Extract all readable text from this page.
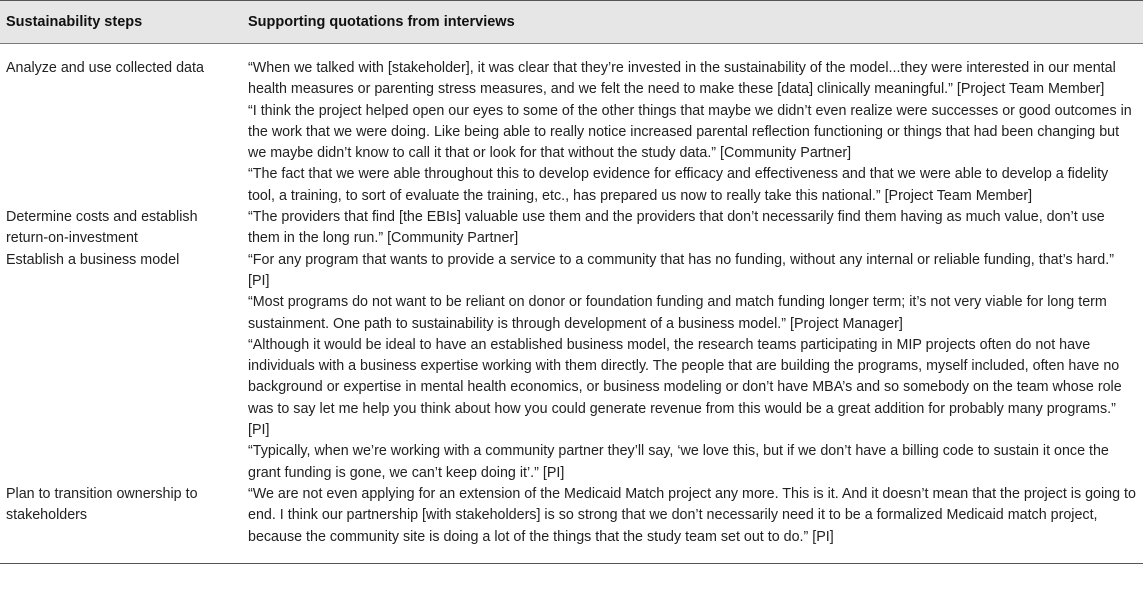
Sustainability steps	Supporting quotations from interviews
Analyze and use collected data	“When we talked with [stakeholder], it was clear that they’re invested in the sustainability of the model...they were interested in our mental health measures or parenting stress measures, and we felt the need to make these [data] clinically meaningful.” [Project Team Member]
“I think the project helped open our eyes to some of the other things that maybe we didn’t even realize were successes or good outcomes in the work that we were doing. Like being able to really notice increased parental reflection functioning or things that had been changing but we maybe didn’t know to call it that or look for that without the study data.” [Community Partner]
“The fact that we were able throughout this to develop evidence for efficacy and effectiveness and that we were able to develop a fidelity tool, a training, to sort of evaluate the training, etc., has prepared us now to really take this national.” [Project Team Member]

Determine costs and establish return-on-investment	“The providers that find [the EBIs] valuable use them and the providers that don’t necessarily find them having as much value, don’t use them in the long run.” [Community Partner]

Establish a business model	“For any program that wants to provide a service to a community that has no funding, without any internal or reliable funding, that’s hard.” [PI]
“Most programs do not want to be reliant on donor or foundation funding and match funding longer term; it’s not very viable for long term sustainment. One path to sustainability is through development of a business model.” [Project Manager]
“Although it would be ideal to have an established business model, the research teams participating in MIP projects often do not have individuals with a business expertise working with them directly. The people that are building the programs, myself included, often have no background or expertise in mental health economics, or business modeling or don’t have MBA’s and so somebody on the team whose role was to say let me help you think about how you could generate revenue from this would be a great addition for probably many programs.” [PI]
“Typically, when we’re working with a community partner they’ll say, ‘we love this, but if we don’t have a billing code to sustain it once the grant funding is gone, we can’t keep doing it’.” [PI]

Plan to transition ownership to stakeholders	“We are not even applying for an extension of the Medicaid Match project any more. This is it. And it doesn’t mean that the project is going to end. I think our partnership [with stakeholders] is so strong that we don’t necessarily need it to be a formalized Medicaid match project, because the community site is doing a lot of the things that the study team set out to do.” [PI]
